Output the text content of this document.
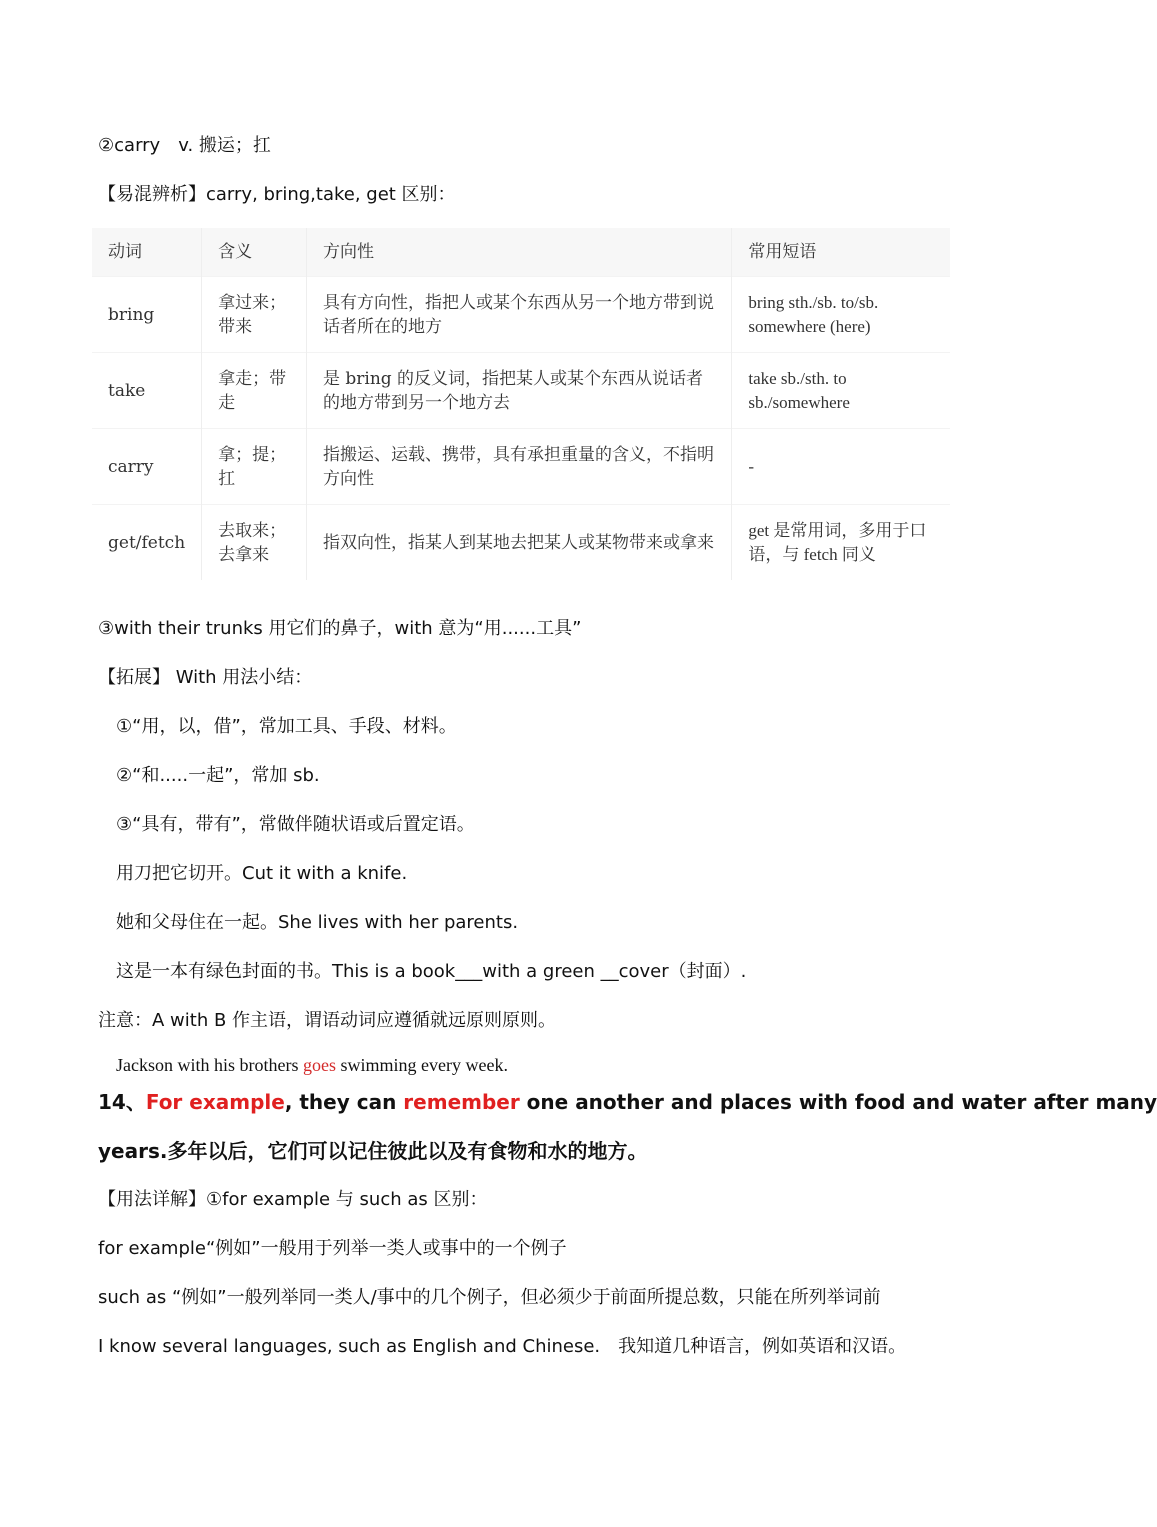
②carry　v. 搬运；扛
【易混辨析】carry, bring,take, get 区别：
动词	含义	方向性	常用短语
bring	拿过来；带来	具有方向性，指把人或某个东西从另一个地方带到说话者所在的地方	bring sth./sb. to/sb. somewhere (here)
take	拿走；带走	是 bring 的反义词，指把某人或某个东西从说话者的地方带到另一个地方去	take sb./sth. to sb./somewhere
carry	拿；提；扛	指搬运、运载、携带，具有承担重量的含义，不指明方向性	-
get/fetch	去取来；去拿来	指双向性，指某人到某地去把某人或某物带来或拿来	get 是常用词，多用于口语，与 fetch 同义
③with their trunks 用它们的鼻子，with 意为“用......工具”
【拓展】 With 用法小结：
①“用，以，借”，常加工具、手段、材料。
②“和.....一起”，常加 sb.
③“具有，带有”，常做伴随状语或后置定语。
用刀把它切开。Cut it with a knife.
她和父母住在一起。She lives with her parents.
这是一本有绿色封面的书。This is a book___with a green __cover（封面）.
注意：A with B 作主语，谓语动词应遵循就远原则原则。
Jackson with his brothers goes swimming every week.
14、For example, they can remember one another and places with food and water after many
years.多年以后，它们可以记住彼此以及有食物和水的地方。
【用法详解】①for example 与 such as 区别：
for example“例如”一般用于列举一类人或事中的一个例子
such as “例如”一般列举同一类人/事中的几个例子，但必须少于前面所提总数，只能在所列举词前
I know several languages, such as English and Chinese.　我知道几种语言，例如英语和汉语。
